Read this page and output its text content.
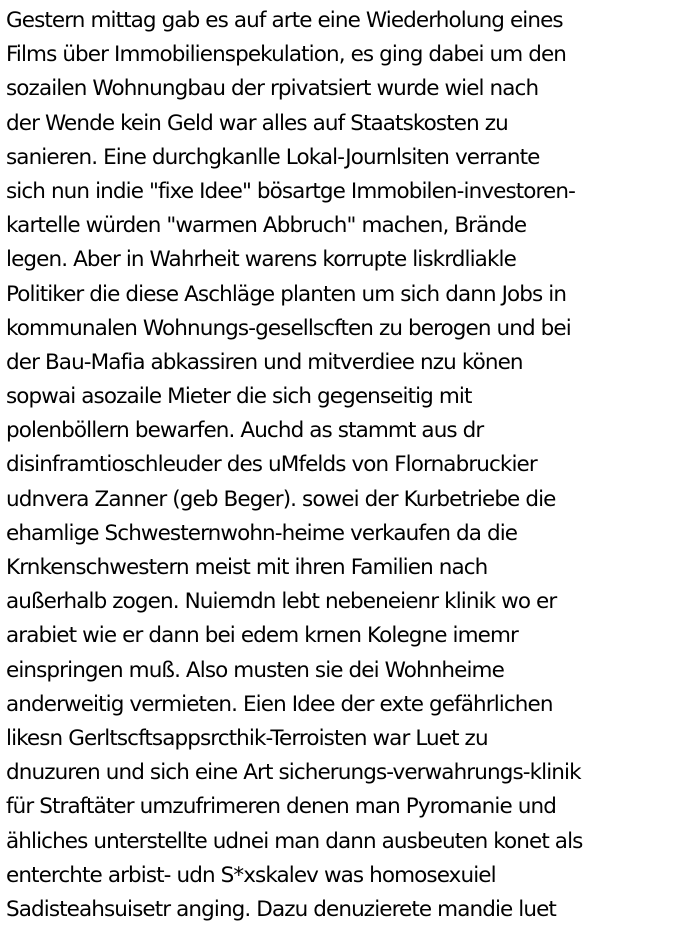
Gestern mittag gab es auf arte eine Wiederholung eines
Films über Immobilienspekulation, es ging dabei um den
sozailen Wohnungbau der rpivatsiert wurde wiel nach
der Wende kein Geld war alles auf Staatskosten zu
sanieren. Eine durchgkanlle Lokal-Journlsiten verrante
sich nun indie "fixe Idee" bösartge Immobilen-investoren-
kartelle würden "warmen Abbruch" machen, Brände
legen. Aber in Wahrheit warens korrupte liskrdliakle
Politiker die diese Aschläge planten um sich dann Jobs in
kommunalen Wohnungs-gesellscften zu berogen und bei
der Bau-Mafia abkassiren und mitverdiee nzu könen
sopwai asozaile Mieter die sich gegenseitig mit
polenböllern bewarfen. Auchd as stammt aus dr
disinframtioschleuder des uMfelds von Flornabruckier
udnvera Zanner (geb Beger). sowei der Kurbetriebe die
ehamlige Schwesternwohn-heime verkaufen da die
Krnkenschwestern meist mit ihren Familien nach
außerhalb zogen. Nuiemdn lebt nebeneienr klinik wo er
arabiet wie er dann bei edem krnen Kolegne imemr
einspringen muß. Also musten sie dei Wohnheime
anderweitig vermieten. Eien Idee der exte gefährlichen
likesn Gerltscftsappsrcthik-Terroisten war Luet zu
dnuzuren und sich eine Art sicherungs-verwahrungs-klinik
für Straftäter umzufrimeren denen man Pyromanie und
ähliches unterstellte udnei man dann ausbeuten konet als
enterchte arbist- udn S*xskalev was homosexuiel
Sadisteahsuisetr anging. Dazu denuzierete mandie luet
